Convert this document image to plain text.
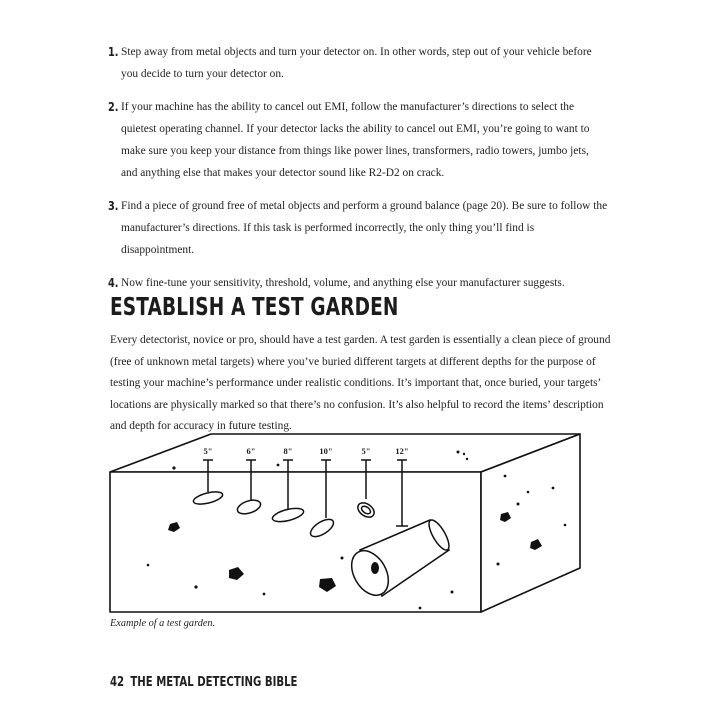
1. Step away from metal objects and turn your detector on. In other words, step out of your vehicle before you decide to turn your detector on.
2. If your machine has the ability to cancel out EMI, follow the manufacturer’s directions to select the quietest operating channel. If your detector lacks the ability to cancel out EMI, you’re going to want to make sure you keep your distance from things like power lines, transformers, radio towers, jumbo jets, and anything else that makes your detector sound like R2-D2 on crack.
3. Find a piece of ground free of metal objects and perform a ground balance (page 20). Be sure to follow the manufacturer’s directions. If this task is performed incorrectly, the only thing you’ll find is disappointment.
4. Now fine-tune your sensitivity, threshold, volume, and anything else your manufacturer suggests.
ESTABLISH A TEST GARDEN

Every detectorist, novice or pro, should have a test garden. A test garden is essentially a clean piece of ground (free of unknown metal targets) where you’ve buried different targets at different depths for the purpose of testing your machine’s performance under realistic conditions. It’s important that, once buried, your targets’ locations are physically marked so that there’s no confusion. It’s also helpful to record the items’ description and depth for accuracy in future testing.

5"	6"	8"	10"	5"	12"

Example of a test garden.

42 THE METAL DETECTING BIBLE
